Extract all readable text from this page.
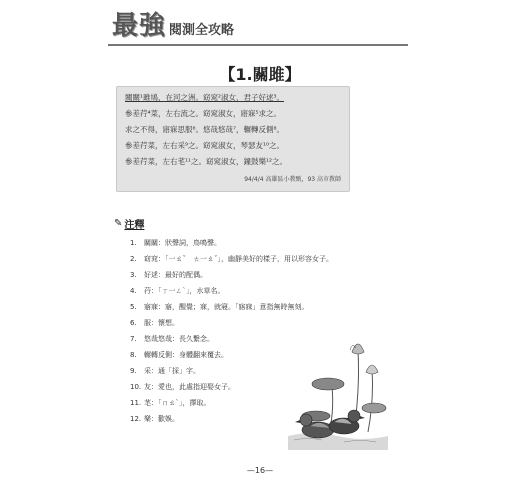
最強 閱測全攻略
【1.關雎】
關關¹雎鳩，在河之洲。窈窕²淑女，君子好逑³。
參差荇⁴菜，左右流之。窈窕淑女，寤寐⁵求之。
求之不得，寤寐思服⁶。悠哉悠哉⁷，輾轉反側⁸。
參差荇菜，左右采⁹之。窈窕淑女，琴瑟友¹⁰之。
參差荇菜，左右芼¹¹之。窈窕淑女，鐘鼓樂¹²之。
94/4/4 高雄區小教甄，93 高市教師
✎ 注釋
1. 關關：狀聲詞，鳥鳴聲。
2. 窈窕：「一ㄠˇ　ㄊ一ㄠˇ」，幽靜美好的樣子，用以形容女子。
3. 好逑：最好的配偶。
4. 荇：「ㄒ一ㄥˋ」，水草名。
5. 寤寐：寤，醒覺；寐，就寢。「寤寐」意指無時無刻。
6. 服：懷想。
7. 悠哉悠哉：長久繫念。
8. 輾轉反側：身體翻來覆去。
9. 采：通「採」字。
10. 友：愛也，此處指迎娶女子。
11. 芼：「ㄇㄠˋ」，擇取。
12. 樂：歡娛。
—16—
